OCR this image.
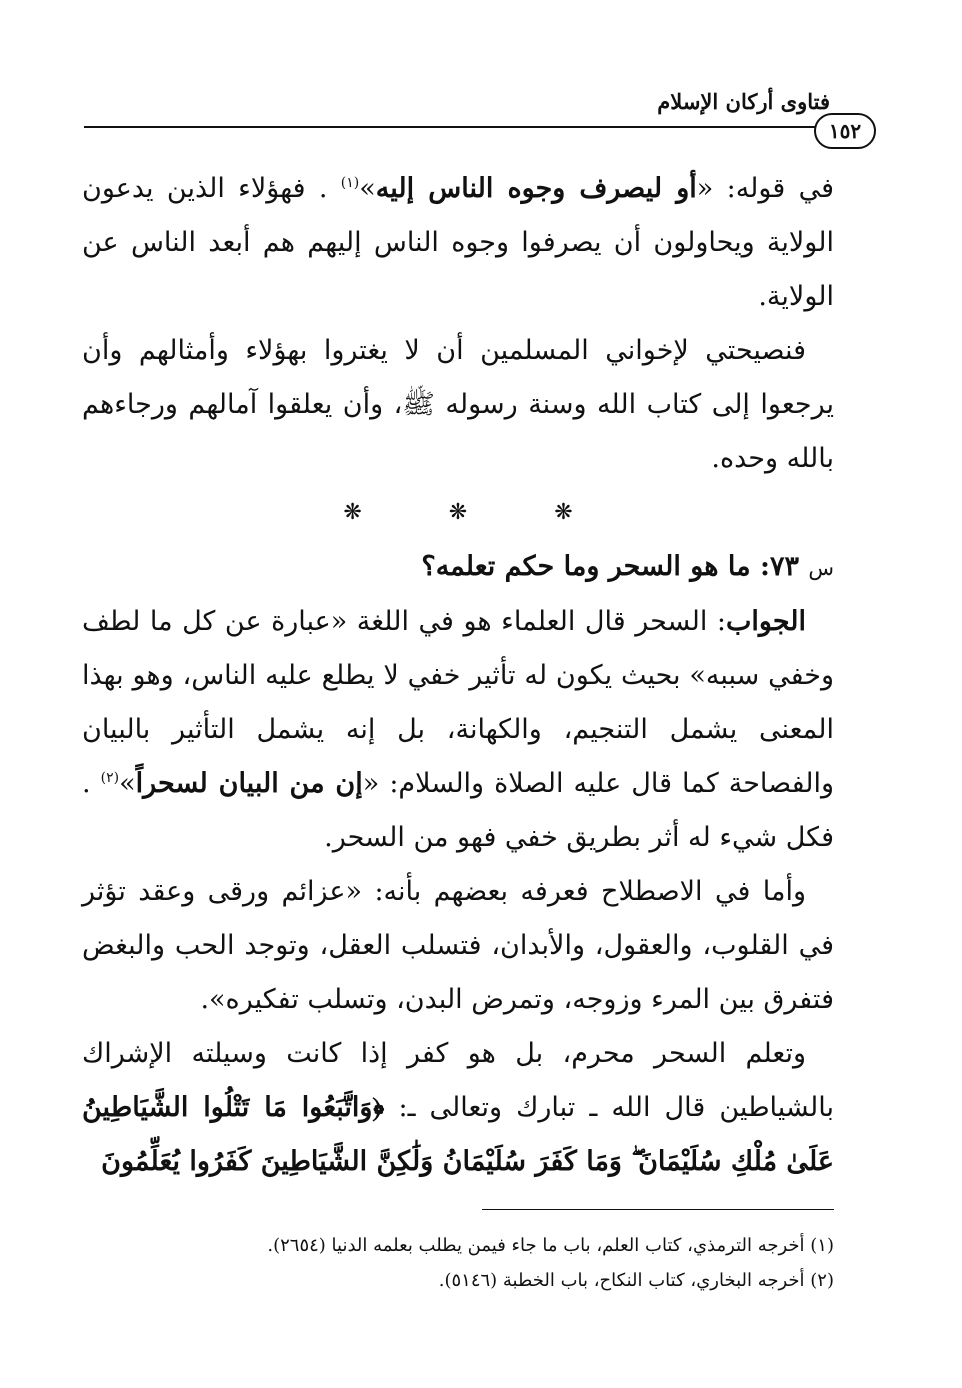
فتاوى أركان الإسلام
١٥٢

في قوله: «أو ليصرف وجوه الناس إليه»$^{(١)}$ . فهؤلاء الذين يدعون الولاية ويحاولون أن يصرفوا وجوه الناس إليهم هم أبعد الناس عن الولاية.

فنصيحتي لإخواني المسلمين أن لا يغتروا بهؤلاء وأمثالهم وأن يرجعوا إلى كتاب الله وسنة رسوله ﷺ، وأن يعلقوا آمالهم ورجاءهم بالله وحده.

❋ ❋ ❋

س ٧٣: ما هو السحر وما حكم تعلمه؟

الجواب: السحر قال العلماء هو في اللغة «عبارة عن كل ما لطف وخفي سببه» بحيث يكون له تأثير خفي لا يطلع عليه الناس، وهو بهذا المعنى يشمل التنجيم، والكهانة، بل إنه يشمل التأثير بالبيان والفصاحة كما قال عليه الصلاة والسلام: «إن من البيان لسحراً»$^{(٢)}$ . فكل شيء له أثر بطريق خفي فهو من السحر.

وأما في الاصطلاح فعرفه بعضهم بأنه: «عزائم ورقى وعقد تؤثر في القلوب، والعقول، والأبدان، فتسلب العقل، وتوجد الحب والبغض فتفرق بين المرء وزوجه، وتمرض البدن، وتسلب تفكيره».

وتعلم السحر محرم، بل هو كفر إذا كانت وسيلته الإشراك بالشياطين قال الله ـ تبارك وتعالى ـ: ﴿وَاتَّبَعُوا مَا تَتْلُوا الشَّيَاطِينُ عَلَىٰ مُلْكِ سُلَيْمَانَ ۖ وَمَا كَفَرَ سُلَيْمَانُ وَلَٰكِنَّ الشَّيَاطِينَ كَفَرُوا يُعَلِّمُونَ

(١) أخرجه الترمذي، كتاب العلم، باب ما جاء فيمن يطلب بعلمه الدنيا (٢٦٥٤).

(٢) أخرجه البخاري، كتاب النكاح، باب الخطبة (٥١٤٦).
